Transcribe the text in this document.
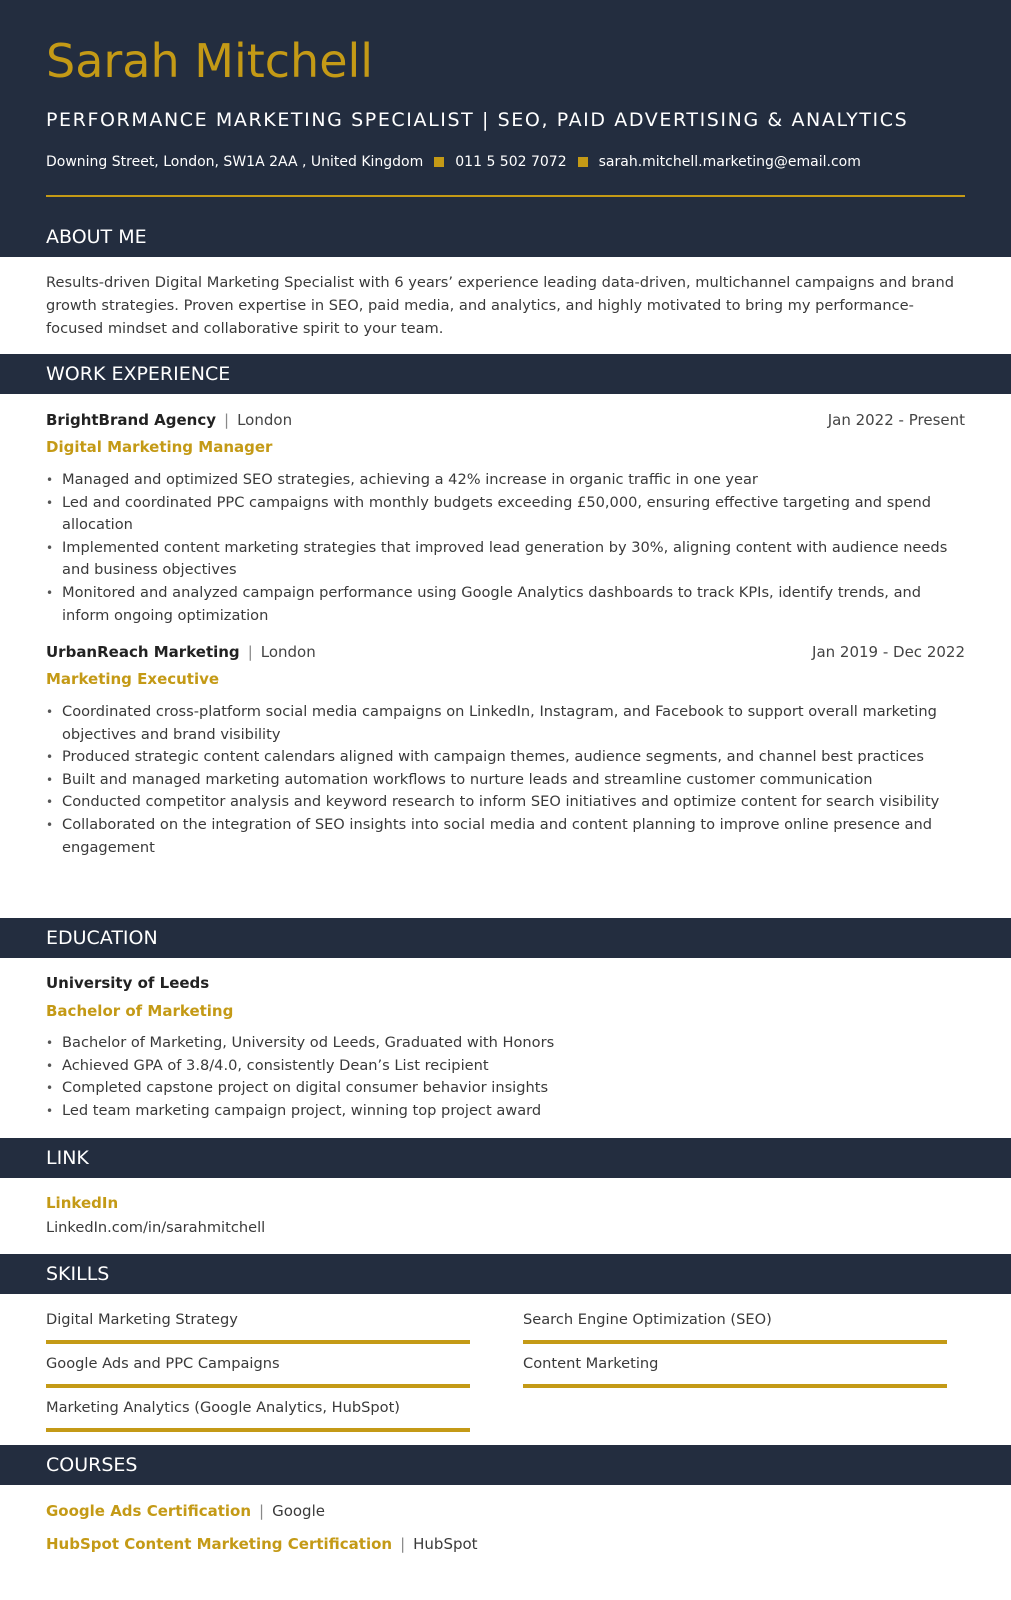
Sarah Mitchell
PERFORMANCE MARKETING SPECIALIST | SEO, PAID ADVERTISING & ANALYTICS
Downing Street, London, SW1A 2AA , United Kingdom 011 5 502 7072 sarah.mitchell.marketing@email.com
ABOUT ME
Results-driven Digital Marketing Specialist with 6 years’ experience leading data-driven, multichannel campaigns and brand growth strategies. Proven expertise in SEO, paid media, and analytics, and highly motivated to bring my performance-focused mindset and collaborative spirit to your team.
WORK EXPERIENCE
BrightBrand Agency | London	Jan 2022 - Present
Digital Marketing Manager
• Managed and optimized SEO strategies, achieving a 42% increase in organic traffic in one year
• Led and coordinated PPC campaigns with monthly budgets exceeding £50,000, ensuring effective targeting and spend allocation
• Implemented content marketing strategies that improved lead generation by 30%, aligning content with audience needs and business objectives
• Monitored and analyzed campaign performance using Google Analytics dashboards to track KPIs, identify trends, and inform ongoing optimization
UrbanReach Marketing | London	Jan 2019 - Dec 2022
Marketing Executive
• Coordinated cross-platform social media campaigns on LinkedIn, Instagram, and Facebook to support overall marketing objectives and brand visibility
• Produced strategic content calendars aligned with campaign themes, audience segments, and channel best practices
• Built and managed marketing automation workflows to nurture leads and streamline customer communication
• Conducted competitor analysis and keyword research to inform SEO initiatives and optimize content for search visibility
• Collaborated on the integration of SEO insights into social media and content planning to improve online presence and engagement
EDUCATION
University of Leeds
Bachelor of Marketing
• Bachelor of Marketing, University od Leeds, Graduated with Honors
• Achieved GPA of 3.8/4.0, consistently Dean’s List recipient
• Completed capstone project on digital consumer behavior insights
• Led team marketing campaign project, winning top project award
LINK
LinkedIn
LinkedIn.com/in/sarahmitchell
SKILLS
Digital Marketing Strategy	Search Engine Optimization (SEO)
Google Ads and PPC Campaigns	Content Marketing
Marketing Analytics (Google Analytics, HubSpot)
COURSES
Google Ads Certification | Google
HubSpot Content Marketing Certification | HubSpot
